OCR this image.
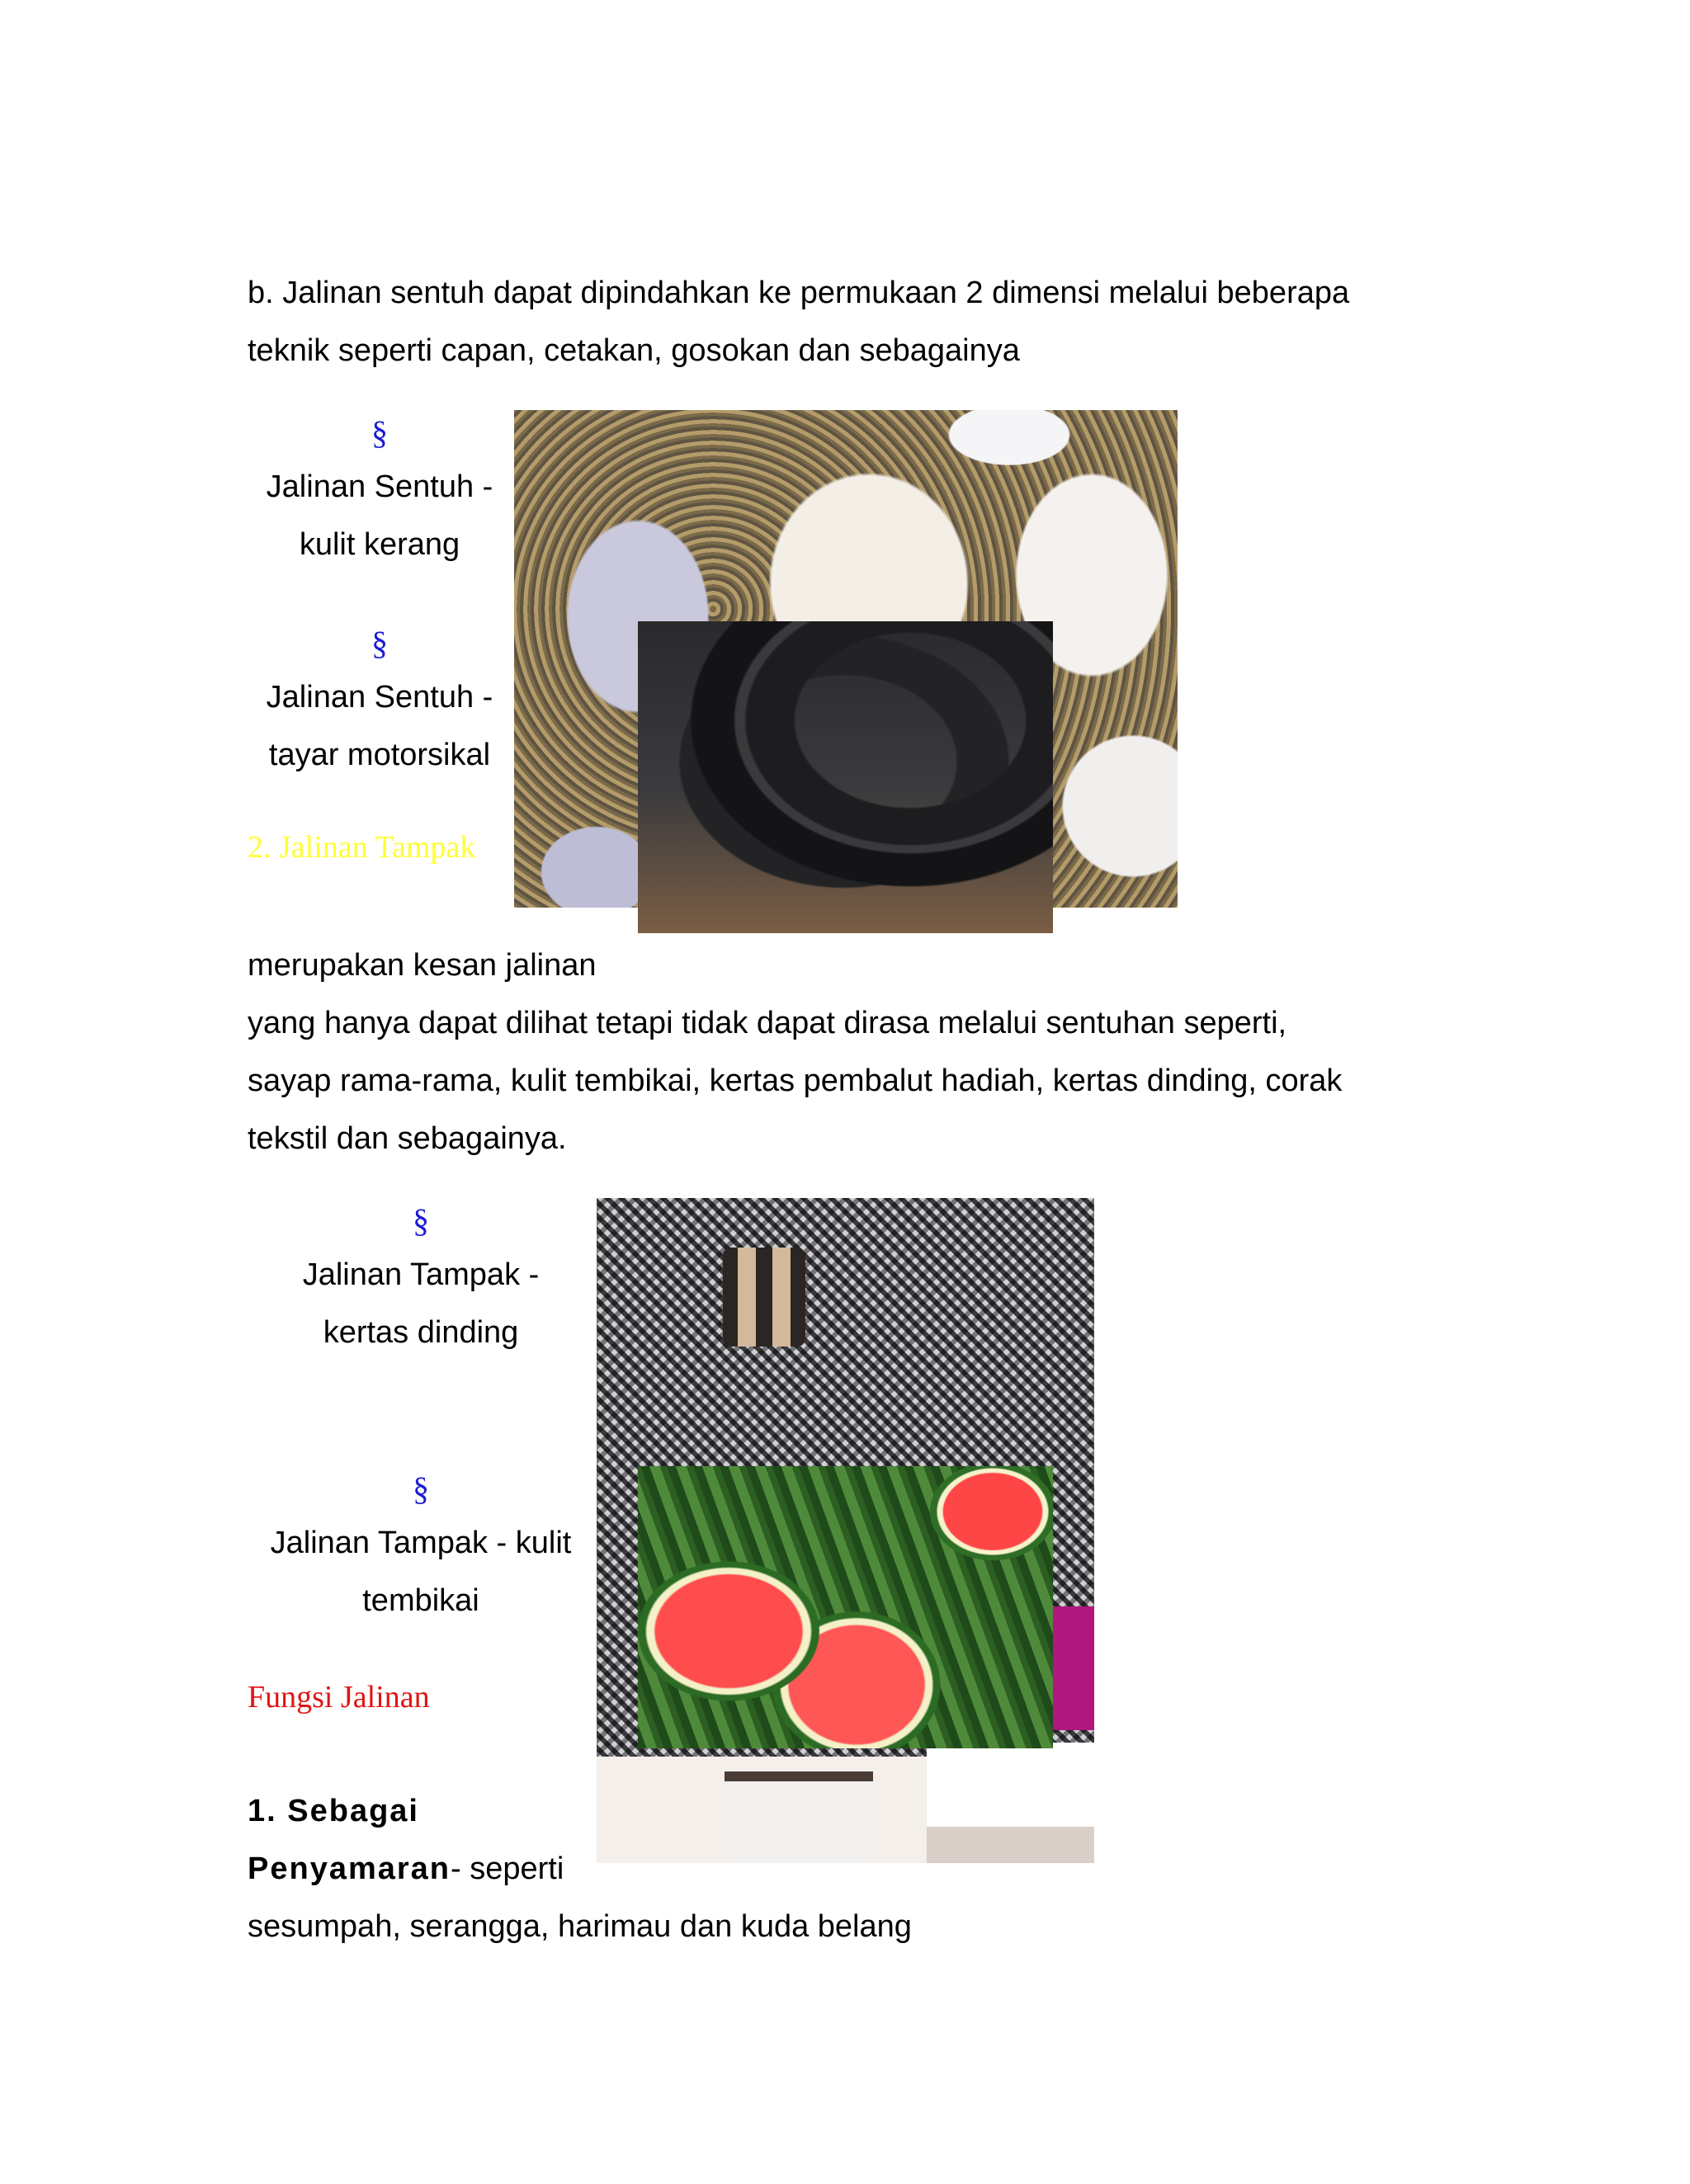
b. Jalinan sentuh dapat dipindahkan ke permukaan 2 dimensi melalui beberapa
teknik seperti capan, cetakan, gosokan dan sebagainya
§
Jalinan Sentuh -
kulit kerang
§
Jalinan Sentuh -
tayar motorsikal
2. Jalinan Tampak
merupakan kesan jalinan
yang hanya dapat dilihat tetapi tidak dapat dirasa melalui sentuhan seperti,
sayap rama-rama, kulit tembikai, kertas pembalut hadiah, kertas dinding, corak
tekstil dan sebagainya.
§
Jalinan Tampak -
kertas dinding
§
Jalinan Tampak - kulit
tembikai
Fungsi Jalinan
1. Sebagai
Penyamaran- seperti
sesumpah, serangga, harimau dan kuda belang
